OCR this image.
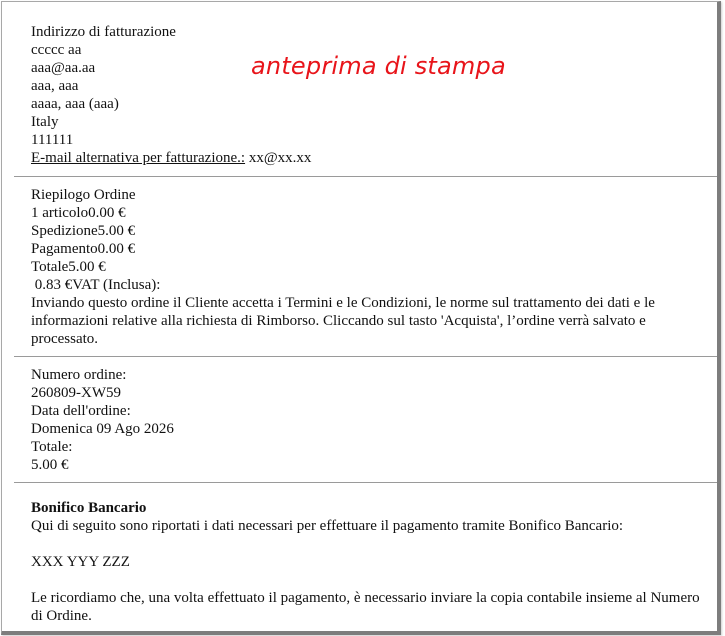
anteprima di stampa
Indirizzo di fatturazione
ccccc aa
aaa@aa.aa
aaa, aaa
aaaa, aaa (aaa)
Italy
111111
E-mail alternativa per fatturazione.: xx@xx.xx
Riepilogo Ordine
1 articolo0.00 €
Spedizione5.00 €
Pagamento0.00 €
Totale5.00 €
0.83 €VAT (Inclusa):
Inviando questo ordine il Cliente accetta i Termini e le Condizioni, le norme sul trattamento dei dati e le informazioni relative alla richiesta di Rimborso. Cliccando sul tasto 'Acquista', l’ordine verrà salvato e processato.
Numero ordine:
260809-XW59
Data dell'ordine:
Domenica 09 Ago 2026
Totale:
5.00 €
Bonifico Bancario
Qui di seguito sono riportati i dati necessari per effettuare il pagamento tramite Bonifico Bancario:
XXX YYY ZZZ
Le ricordiamo che, una volta effettuato il pagamento, è necessario inviare la copia contabile insieme al Numero di Ordine.
